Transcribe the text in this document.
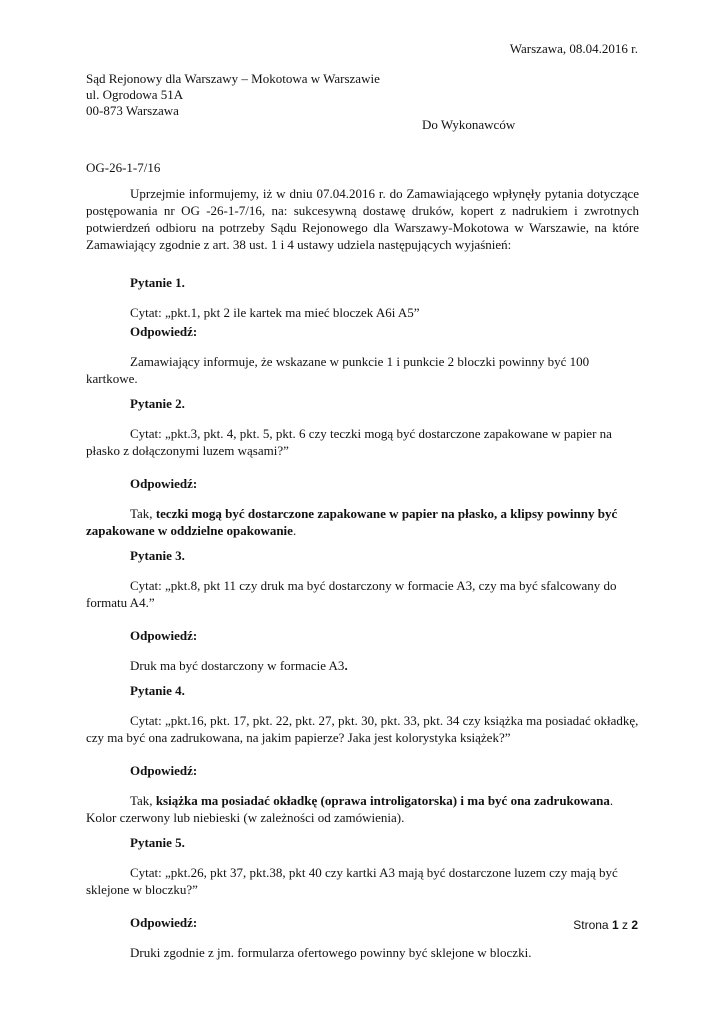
Warszawa, 08.04.2016 r.
Sąd Rejonowy dla Warszawy – Mokotowa w Warszawie
ul. Ogrodowa 51A
00-873 Warszawa
Do Wykonawców
OG-26-1-7/16
Uprzejmie informujemy, iż w dniu 07.04.2016 r. do Zamawiającego wpłynęły pytania dotyczące postępowania nr OG -26-1-7/16, na: sukcesywną dostawę druków, kopert z nadrukiem i zwrotnych potwierdzeń odbioru na potrzeby Sądu Rejonowego dla Warszawy-Mokotowa w Warszawie, na które Zamawiający zgodnie z art. 38 ust. 1 i 4 ustawy udziela następujących wyjaśnień:
Pytanie 1.
Cytat: „pkt.1, pkt 2 ile kartek ma mieć bloczek A6i A5”
Odpowiedź:
Zamawiający informuje, że wskazane w punkcie 1 i punkcie 2 bloczki powinny być 100 kartkowe.
Pytanie 2.
Cytat: „pkt.3, pkt. 4, pkt. 5, pkt. 6 czy teczki mogą być dostarczone zapakowane w papier na płasko z dołączonymi luzem wąsami?”
Odpowiedź:
Tak, teczki mogą być dostarczone zapakowane w papier na płasko, a klipsy powinny być zapakowane w oddzielne opakowanie.
Pytanie 3.
Cytat: „pkt.8, pkt 11 czy druk ma być dostarczony w formacie A3, czy ma być sfalcowany do formatu A4.”
Odpowiedź:
Druk ma być dostarczony w formacie A3.
Pytanie 4.
Cytat: „pkt.16, pkt. 17, pkt. 22, pkt. 27, pkt. 30, pkt. 33, pkt. 34 czy książka ma posiadać okładkę, czy ma być ona zadrukowana, na jakim papierze? Jaka jest kolorystyka książek?”
Odpowiedź:
Tak, książka ma posiadać okładkę (oprawa introligatorska) i ma być ona zadrukowana. Kolor czerwony lub niebieski (w zależności od zamówienia).
Pytanie 5.
Cytat: „pkt.26, pkt 37, pkt.38, pkt 40 czy kartki A3 mają być dostarczone luzem czy mają być sklejone w bloczku?”
Odpowiedź:
Druki zgodnie z jm. formularza ofertowego powinny być sklejone w bloczki.
Strona 1 z 2
